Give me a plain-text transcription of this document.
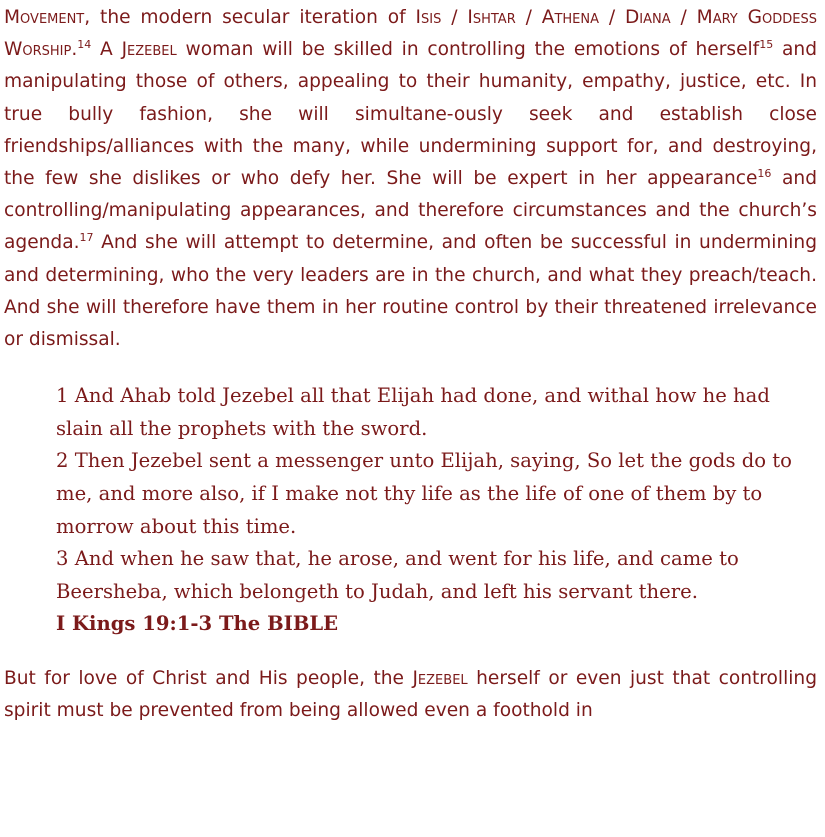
Movement, the modern secular iteration of Isis / Ishtar / Athena / Diana / Mary Goddess Worship.$^{14}$ A Jezebel woman will be skilled in controlling the emotions of herself$^{15}$ and manipulating those of others, appealing to their humanity, empathy, justice, etc. In true bully fashion, she will simultane-ously seek and establish close friendships/alliances with the many, while undermining support for, and destroying, the few she dislikes or who defy her. She will be expert in her appearance$^{16}$ and controlling/manipulating appearances, and therefore circumstances and the church’s agenda.$^{17}$ And she will attempt to determine, and often be successful in undermining and determining, who the very leaders are in the church, and what they preach/teach. And she will therefore have them in her routine control by their threatened irrelevance or dismissal.

1 And Ahab told Jezebel all that Elijah had done, and withal how he had slain all the prophets with the sword.
2 Then Jezebel sent a messenger unto Elijah, saying, So let the gods do to me, and more also, if I make not thy life as the life of one of them by to morrow about this time.
3 And when he saw that, he arose, and went for his life, and came to Beersheba, which belongeth to Judah, and left his servant there.
I Kings 19:1-3 The BIBLE

But for love of Christ and His people, the Jezebel herself or even just that controlling spirit must be prevented from being allowed even a foothold in
